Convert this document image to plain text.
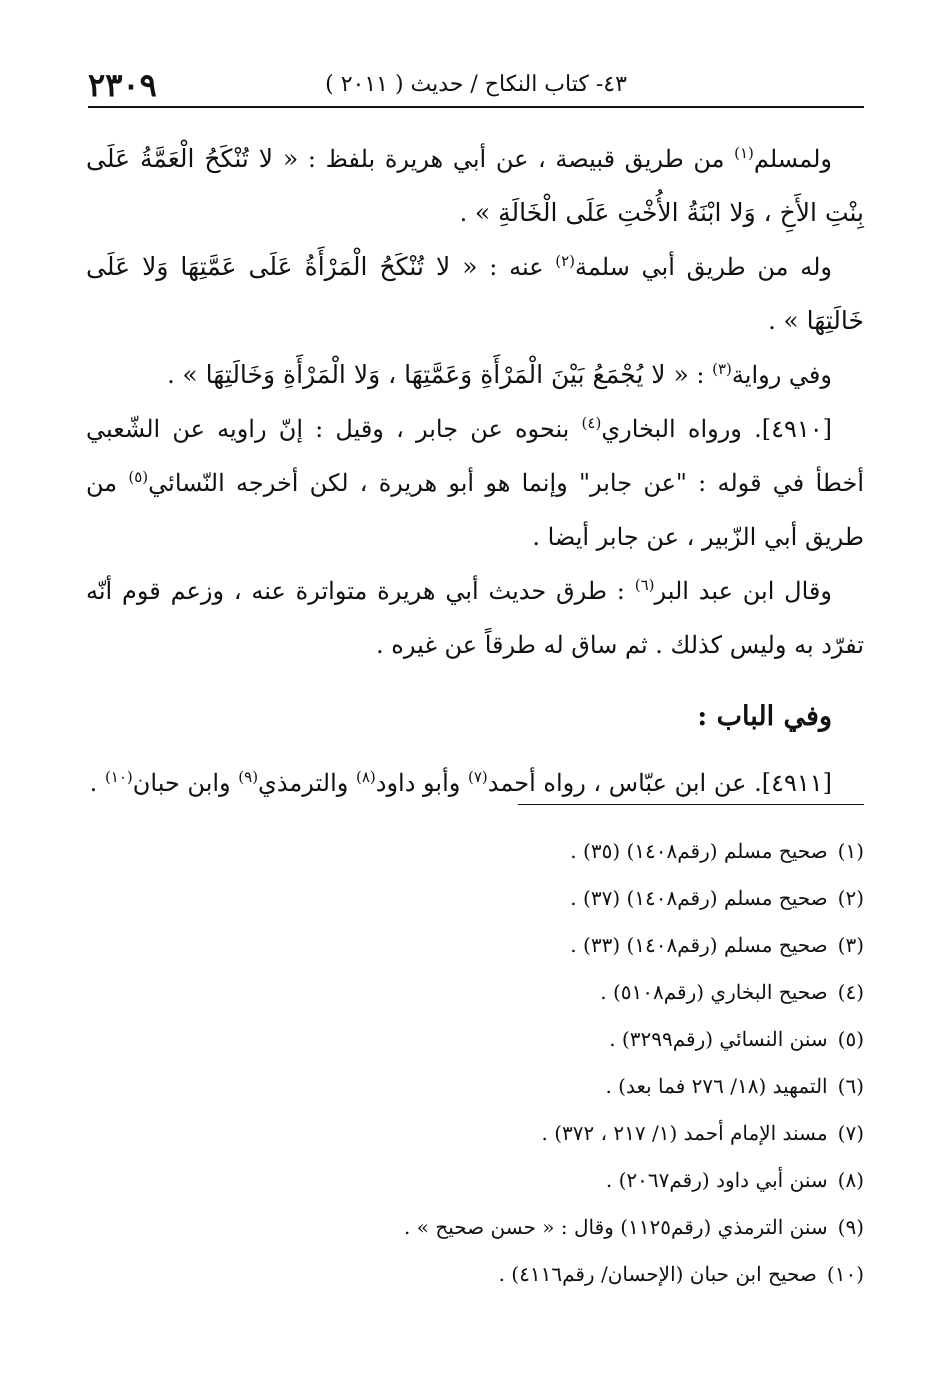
٢٣٠٩	٤٣- كتاب النكاح / حديث ( ٢٠١١ )

ولمسلم$^{(١)}$ من طريق قبيصة ، عن أبي هريرة بلفظ : « لا تُنْكَحُ الْعَمَّةُ عَلَى بِنْتِ الأَخِ ، وَلا ابْنَةُ الأُخْتِ عَلَى الْخَالَةِ » .

وله من طريق أبي سلمة$^{(٢)}$ عنه : « لا تُنْكَحُ الْمَرْأَةُ عَلَى عَمَّتِهَا وَلا عَلَى خَالَتِهَا » .

وفي رواية$^{(٣)}$ : « لا يُجْمَعُ بَيْنَ الْمَرْأَةِ وَعَمَّتِهَا ، وَلا الْمَرْأَةِ وَخَالَتِهَا » .

[٤٩١٠]. ورواه البخاري$^{(٤)}$ بنحوه عن جابر ، وقيل : إنّ راويه عن الشّعبي أخطأ في قوله : "عن جابر" وإنما هو أبو هريرة ، لكن أخرجه النّسائي$^{(٥)}$ من طريق أبي الزّبير ، عن جابر أيضا .

وقال ابن عبد البر$^{(٦)}$ : طرق حديث أبي هريرة متواترة عنه ، وزعم قوم أنّه تفرّد به وليس كذلك . ثم ساق له طرقاً عن غيره .

وفي الباب :

[٤٩١١]. عن ابن عبّاس ، رواه أحمد$^{(٧)}$ وأبو داود$^{(٨)}$ والترمذي$^{(٩)}$ وابن حبان$^{(١٠)}$ .

(١)صحيح مسلم (رقم١٤٠٨) (٣٥) .
(٢)صحيح مسلم (رقم١٤٠٨) (٣٧) .
(٣)صحيح مسلم (رقم١٤٠٨) (٣٣) .
(٤)صحيح البخاري (رقم٥١٠٨) .
(٥)سنن النسائي (رقم٣٢٩٩) .
(٦)التمهيد (١٨/ ٢٧٦ فما بعد) .
(٧)مسند الإمام أحمد (١/ ٢١٧ ، ٣٧٢) .
(٨)سنن أبي داود (رقم٢٠٦٧) .
(٩)سنن الترمذي (رقم١١٢٥) وقال : « حسن صحيح » .
(١٠)صحيح ابن حبان (الإحسان/ رقم٤١١٦) .
